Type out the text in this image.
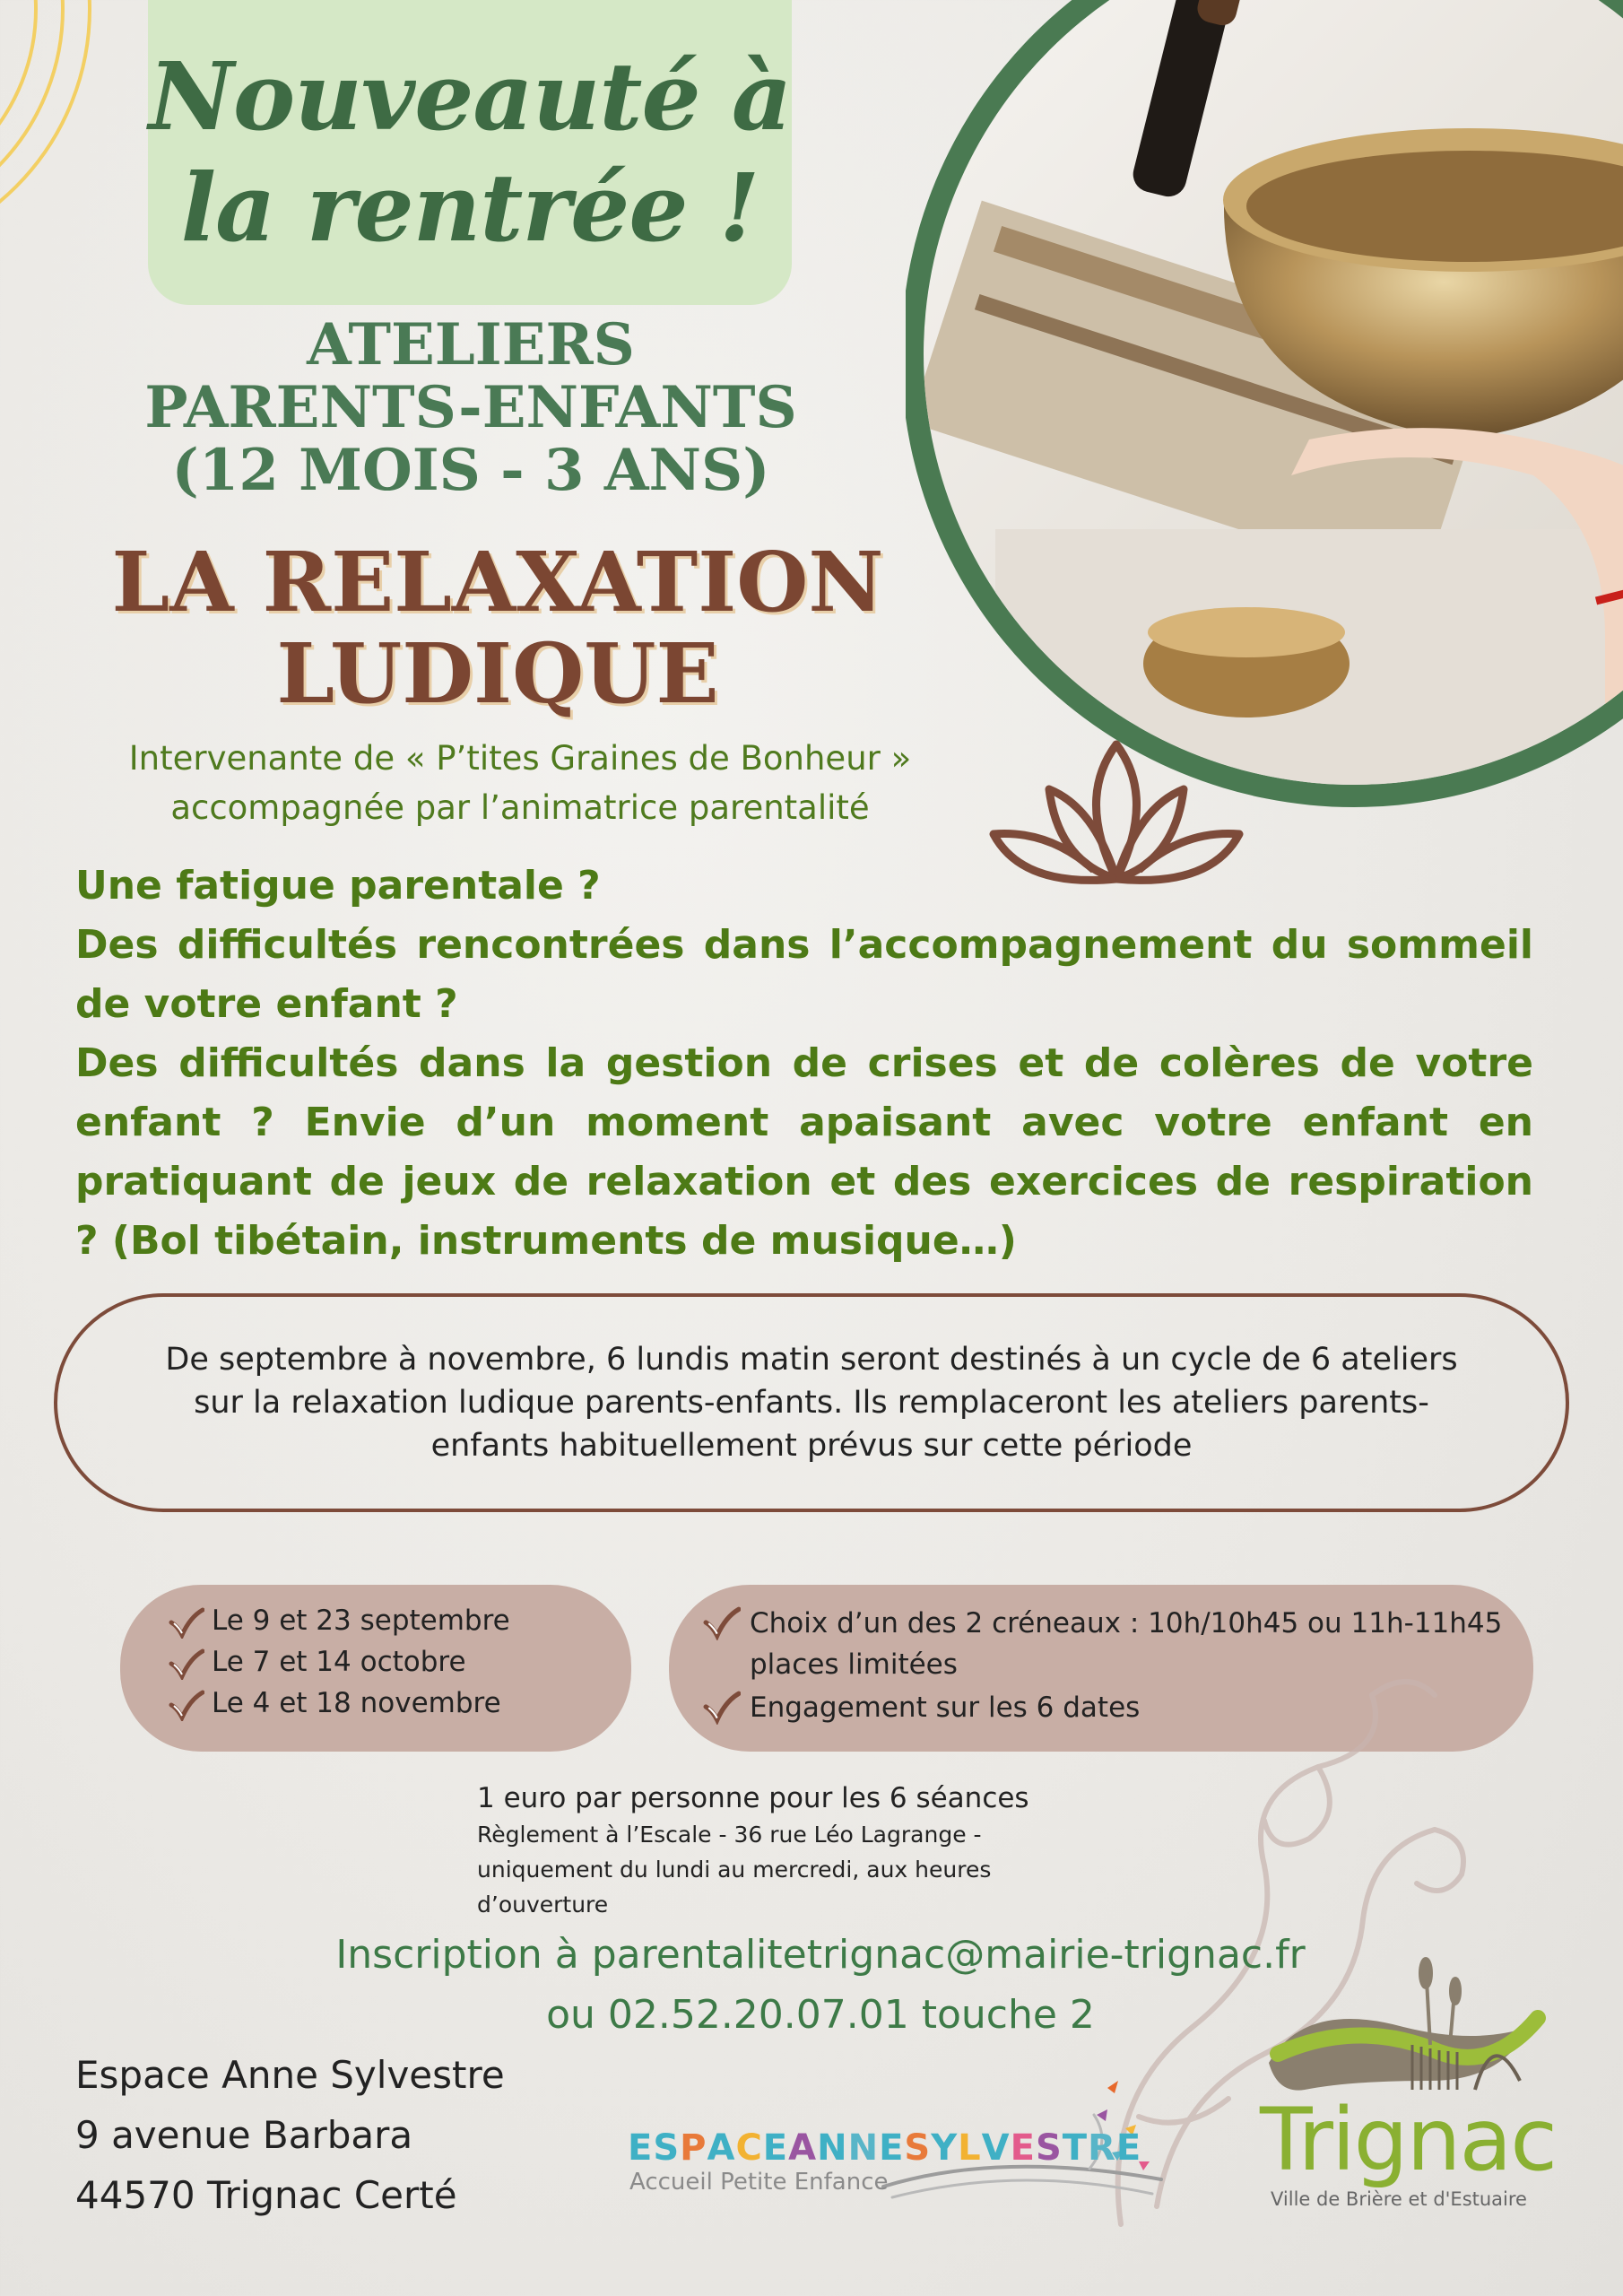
Nouveauté à
la rentrée !
ATELIERS
PARENTS-ENFANTS
(12 MOIS - 3 ANS)
LA RELAXATION
LUDIQUE
Intervenante de « P’tites Graines de Bonheur »
accompagnée par l’animatrice parentalité

Une fatigue parentale ?

Des difficultés rencontrées dans l’accompagnement du sommeil de votre enfant ?

Des difficultés dans la gestion de crises et de colères de votre enfant ? Envie d’un moment apaisant avec votre enfant en pratiquant de jeux de relaxation et des exercices de respiration ? (Bol tibétain, instruments de musique…)

De septembre à novembre, 6 lundis matin seront destinés à un cycle de 6 ateliers sur la relaxation ludique parents-enfants. Ils remplaceront les ateliers parents-enfants habituellement prévus sur cette période
Le 9 et 23 septembre
Le 7 et 14 octobre
Le 4 et 18 novembre
Choix d’un des 2 créneaux : 10h/10h45 ou 11h-11h45 places limitées
Engagement sur les 6 dates
1 euro par personne pour les 6 séances
Règlement à l’Escale - 36 rue Léo Lagrange - uniquement du lundi au mercredi, aux heures d’ouverture
Inscription à parentalitetrignac@mairie-trignac.fr
ou 02.52.20.07.01 touche 2
Espace Anne Sylvestre
9 avenue Barbara
44570 Trignac Certé
ESPACEANNESYLVESTRE
Accueil Petite Enfance	Trignac
Ville de Brière et d'Estuaire
